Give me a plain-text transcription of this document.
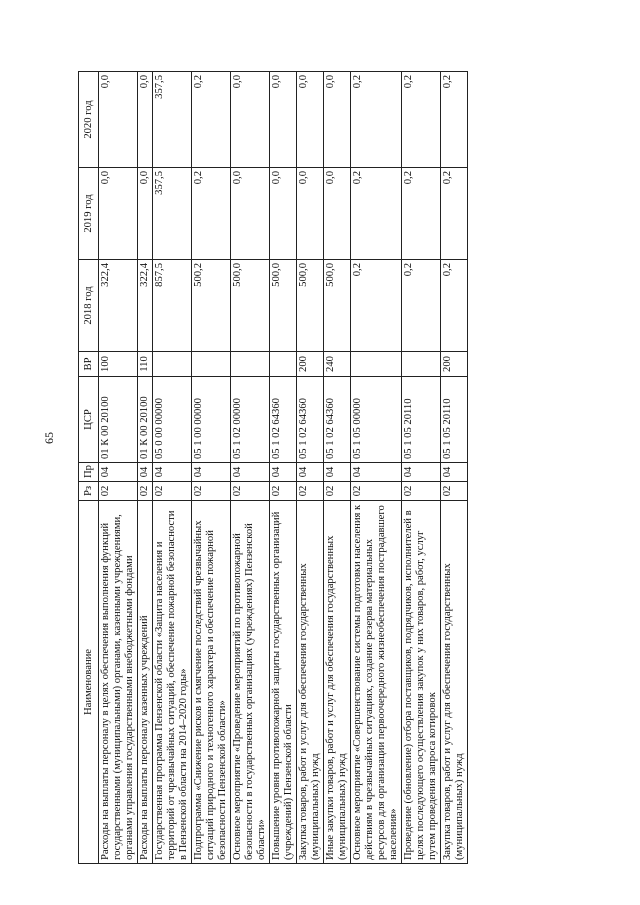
65
Наименование	Рз	Пр	ЦСР	ВР	2018 год	2019 год	2020 год
Расходы на выплаты персоналу в целях обеспечения выполнения функций государственными (муниципальными) органами, казенными учреждениями, органами управления государственными внебюджетными фондами	02	04	01 К 00 20100	100	322,4	0,0	0,0
Расходы на выплаты персоналу казенных учреждений	02	04	01 К 00 20100	110	322,4	0,0	0,0
Государственная программа Пензенской области «Защита населения и территорий от чрезвычайных ситуаций, обеспечение пожарной безопасности в Пензенской области на 2014–2020 годы»	02	04	05 0 00 00000		857,5	357,5	357,5
Подпрограмма «Снижение рисков и смягчение последствий чрезвычайных ситуаций природного и техногенного характера и обеспечение пожарной безопасности Пензенской области»	02	04	05 1 00 00000		500,2	0,2	0,2
Основное мероприятие «Проведение мероприятий по противопожарной безопасности в государственных организациях (учреждениях) Пензенской области»	02	04	05 1 02 00000		500,0	0,0	0,0
Повышение уровня противопожарной защиты государственных организаций (учреждений) Пензенской области	02	04	05 1 02 64360		500,0	0,0	0,0
Закупка товаров, работ и услуг для обеспечения государственных (муниципальных) нужд	02	04	05 1 02 64360	200	500,0	0,0	0,0
Иные закупки товаров, работ и услуг для обеспечения государственных (муниципальных) нужд	02	04	05 1 02 64360	240	500,0	0,0	0,0
Основное мероприятие «Совершенствование системы подготовки населения к действиям в чрезвычайных ситуациях, создание резерва материальных ресурсов для организации первоочередного жизнеобеспечения пострадавшего населения»	02	04	05 1 05 00000		0,2	0,2	0,2
Проведение (обновление) отбора поставщиков, подрядчиков, исполнителей в целях последующего осуществления закупок у них товаров, работ, услуг путем проведения запроса котировок	02	04	05 1 05 20110		0,2	0,2	0,2
Закупка товаров, работ и услуг для обеспечения государственных (муниципальных) нужд	02	04	05 1 05 20110	200	0,2	0,2	0,2
